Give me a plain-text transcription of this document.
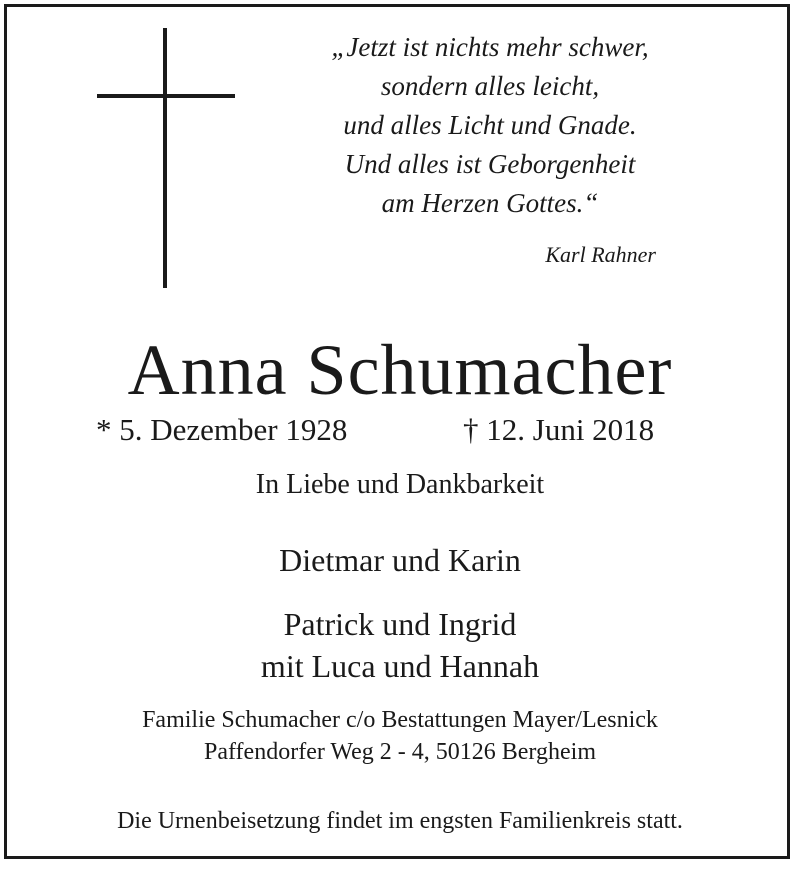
„Jetzt ist nichts mehr schwer,
sondern alles leicht,
und alles Licht und Gnade.
Und alles ist Geborgenheit
am Herzen Gottes.“
Karl Rahner
Anna Schumacher
* 5. Dezember 1928	† 12. Juni 2018
In Liebe und Dankbarkeit
Dietmar und Karin
Patrick und Ingrid
mit Luca und Hannah
Familie Schumacher c/o Bestattungen Mayer/Lesnick
Paffendorfer Weg 2 - 4, 50126 Bergheim
Die Urnenbeisetzung findet im engsten Familienkreis statt.
